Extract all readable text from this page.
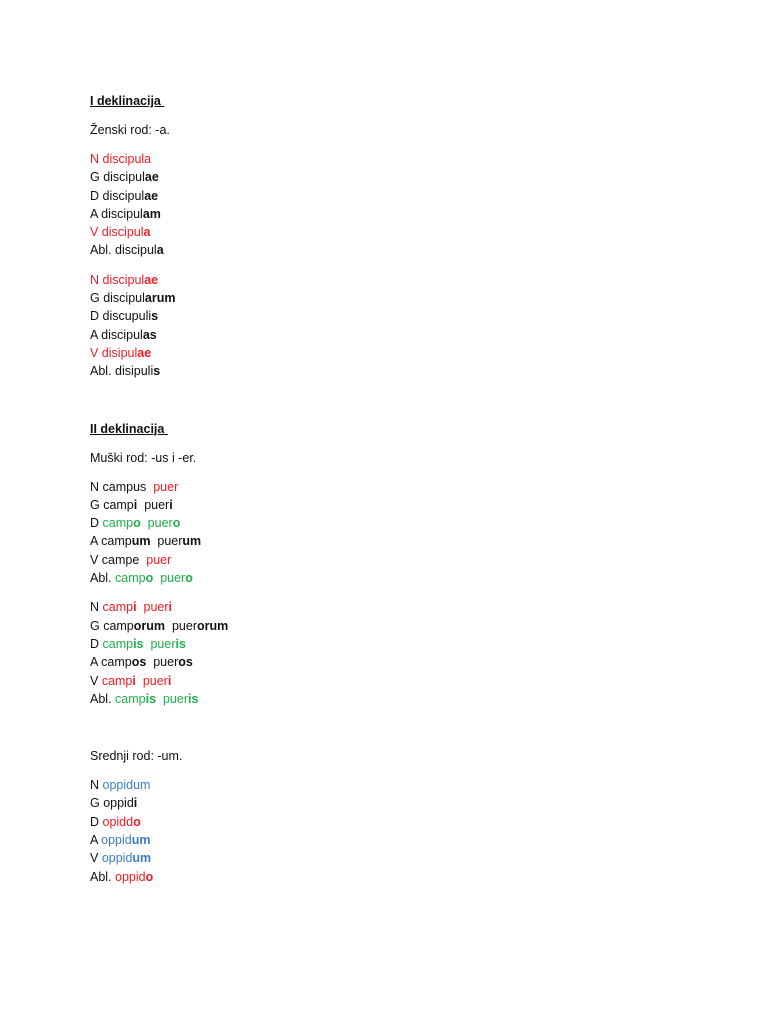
I deklinacija
Ženski rod: -a.
N discipula
G discipulae
D discipulae
A discipulam
V discipula
Abl. discipula
N discipulae
G discipularum
D discupulis
A discipulas
V disipulae
Abl. disipulis
II deklinacija
Muški rod: -us i -er.
N campus  puer
G campi  pueri
D campo puero
A campum  puerum
V campe  puer
Abl. campo puero
N campi pueri
G camporum  puerorum
D campis pueris
A campos  pueros
V campi pueri
Abl. campis pueris
Srednji rod: -um.
N oppidum
G oppidi
D opiddo
A oppidum
V oppidum
Abl. oppido
